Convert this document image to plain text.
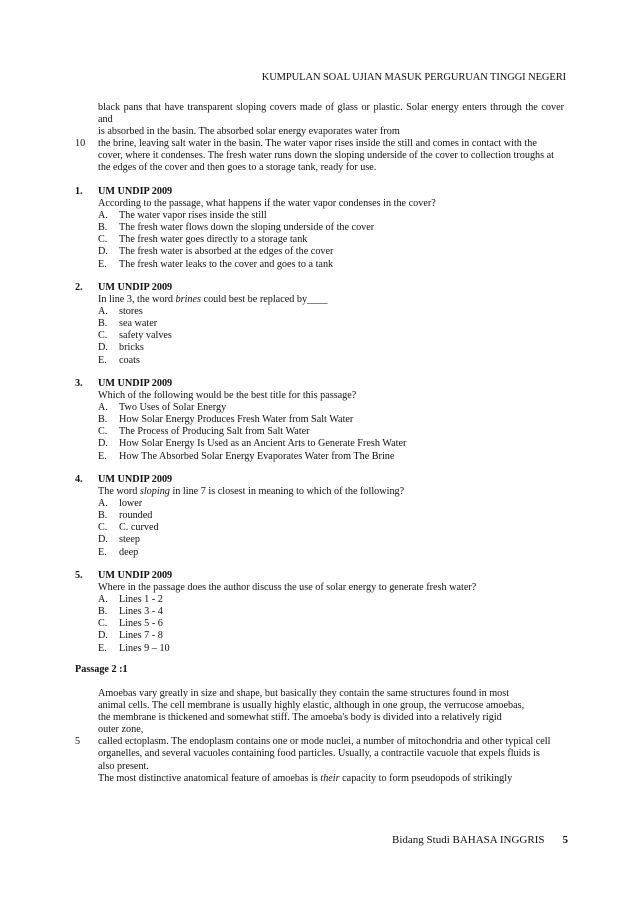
KUMPULAN SOAL UJIAN MASUK PERGURUAN TINGGI NEGERI
black pans that have transparent sloping covers made of glass or plastic. Solar energy enters through the cover and
is absorbed in the basin. The absorbed solar energy evaporates water from
the brine, leaving salt water in the basin. The water vapor rises inside the still and comes in contact with the
cover, where it condenses. The fresh water runs down the sloping underside of the cover to collection troughs at
the edges of the cover and then goes to a storage tank, ready for use.
10
1. UM UNDIP 2009
According to the passage, what happens if the water vapor condenses in the cover?
A.	The water vapor rises inside the still
B.	The fresh water flows down the sloping underside of the cover
C.	The fresh water goes directly to a storage tank
D.	The fresh water is absorbed at the edges of the cover
E.	The fresh water leaks to the cover and goes to a tank
2. UM UNDIP 2009
In line 3, the word brines could best be replaced by____
A.	stores
B.	sea water
C.	safety valves
D.	bricks
E.	coats
3. UM UNDIP 2009
Which of the following would be the best title for this passage?
A.	Two Uses of Solar Energy
B.	How Solar Energy Produces Fresh Water from Salt Water
C.	The Process of Producing Salt from Salt Water
D.	How Solar Energy Is Used as an Ancient Arts to Generate Fresh Water
E.	How The Absorbed Solar Energy Evaporates Water from The Brine
4. UM UNDIP 2009
The word sloping in line 7 is closest in meaning to which of the following?
A.	lower
B.	rounded
C.	C. curved
D.	steep
E.	deep
5. UM UNDIP 2009
Where in the passage does the author discuss the use of solar energy to generate fresh water?
A.	Lines 1 - 2
B.	Lines 3 - 4
C.	Lines 5 - 6
D.	Lines 7 - 8
E.	Lines 9 – 10
Passage 2 :1
Amoebas vary greatly in size and shape, but basically they contain the same structures found in most
animal cells. The cell membrane is usually highly elastic, although in one group, the verrucose amoebas,
the membrane is thickened and somewhat stiff. The amoeba's body is divided into a relatively rigid
outer zone,
called ectoplasm. The endoplasm contains one or mode nuclei, a number of mitochondria and other typical cell
organelles, and several vacuoles containing food particles. Usually, a contractile vacuole that expels fluids is
also present.
The most distinctive anatomical feature of amoebas is their capacity to form pseudopods of strikingly
5
Bidang Studi BAHASA INGGRIS 5
